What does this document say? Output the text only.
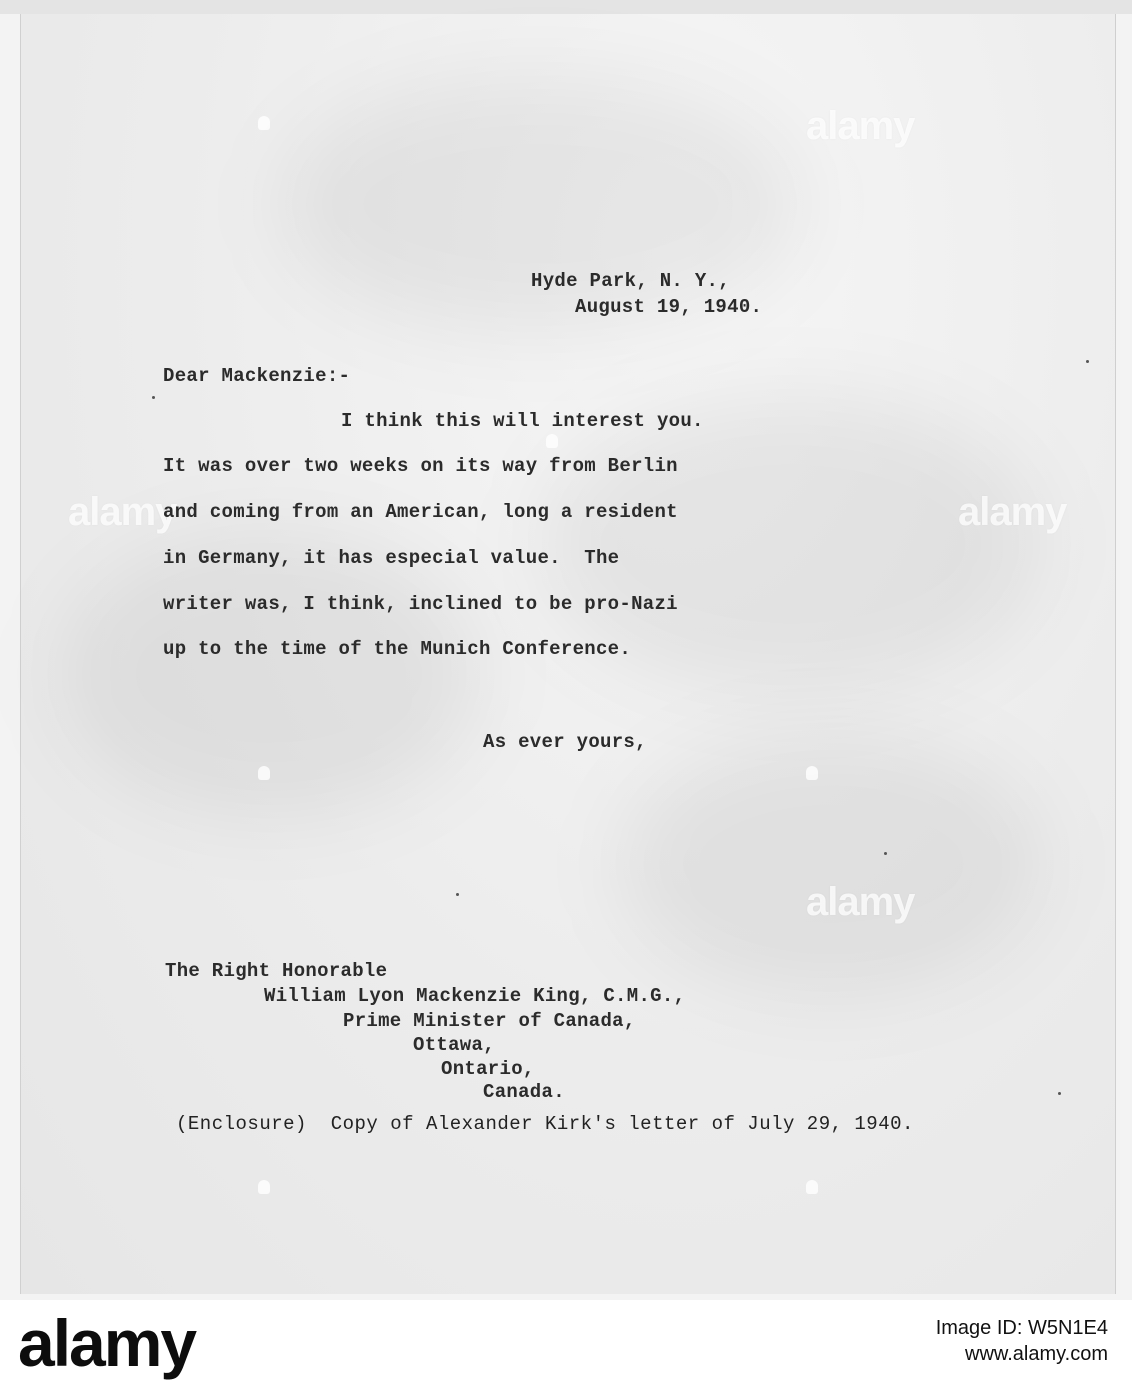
alamy
alamy	alamy
alamy
Hyde Park, N. Y.,
August 19, 1940.
Dear Mackenzie:-
I think this will interest you.
It was over two weeks on its way from Berlin
and coming from an American, long a resident
in Germany, it has especial value.  The
writer was, I think, inclined to be pro-Nazi
up to the time of the Munich Conference.
As ever yours,
The Right Honorable
William Lyon Mackenzie King, C.M.G.,
Prime Minister of Canada,
Ottawa,
Ontario,
Canada.
(Enclosure)  Copy of Alexander Kirk's letter of July 29, 1940.
alamy	Image ID: W5N1E4
www.alamy.com
